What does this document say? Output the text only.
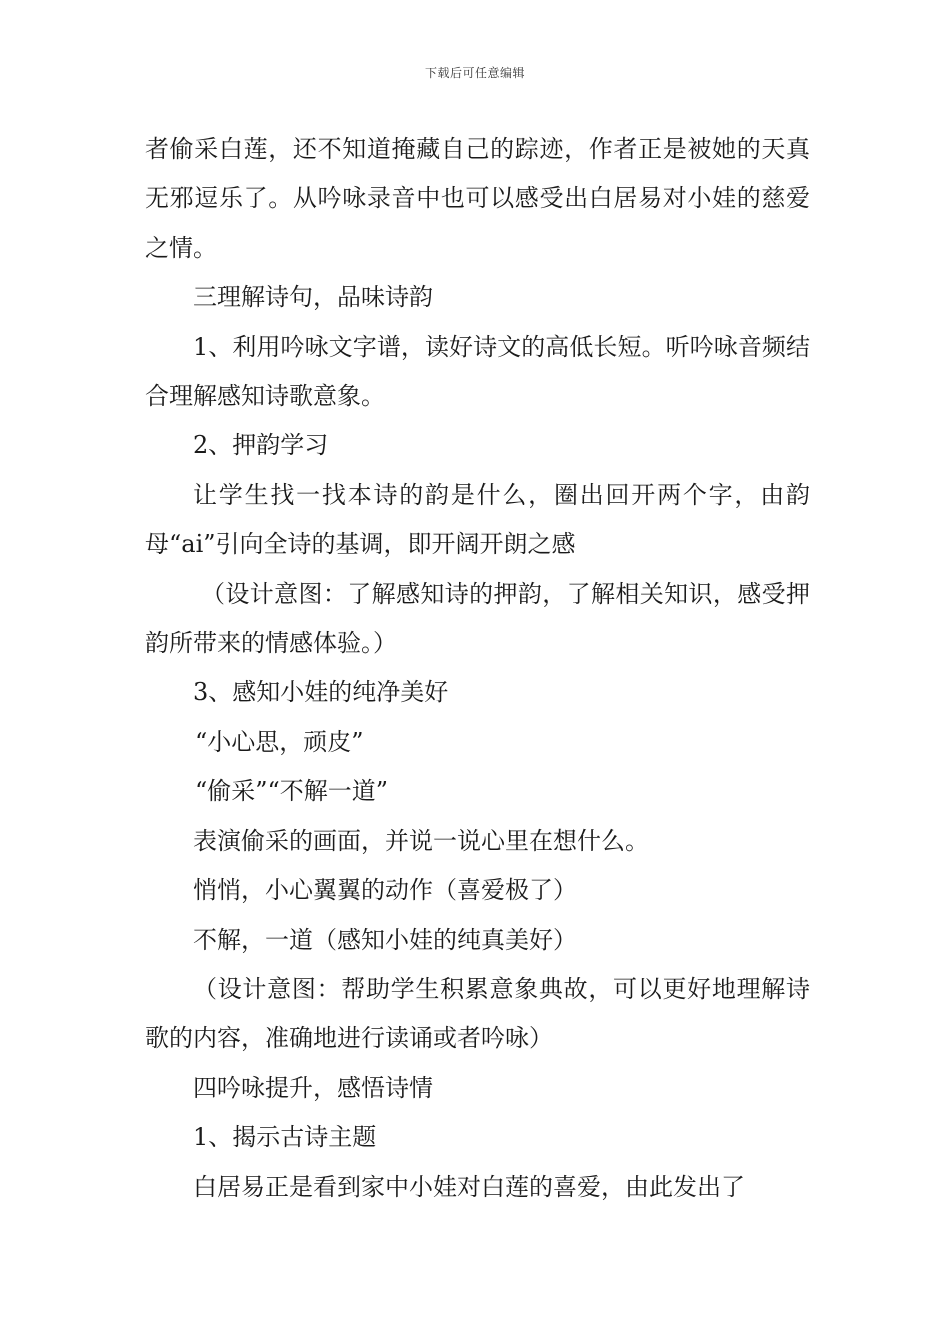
下载后可任意编辑

者偷采白莲，还不知道掩藏自己的踪迹，作者正是被她的天真无邪逗乐了。从吟咏录音中也可以感受出白居易对小娃的慈爱之情。

三理解诗句，品味诗韵

1、利用吟咏文字谱，读好诗文的高低长短。听吟咏音频结合理解感知诗歌意象。

2、押韵学习

让学生找一找本诗的韵是什么，圈出回开两个字，由韵母“ai”引向全诗的基调，即开阔开朗之感

（设计意图：了解感知诗的押韵，了解相关知识，感受押韵所带来的情感体验。）

3、感知小娃的纯净美好

“小心思，顽皮”

“偷采”“不解一道”

表演偷采的画面，并说一说心里在想什么。

悄悄，小心翼翼的动作（喜爱极了）

不解，一道（感知小娃的纯真美好）

（设计意图：帮助学生积累意象典故，可以更好地理解诗歌的内容，准确地进行读诵或者吟咏）

四吟咏提升，感悟诗情

1、揭示古诗主题

白居易正是看到家中小娃对白莲的喜爱，由此发出了
